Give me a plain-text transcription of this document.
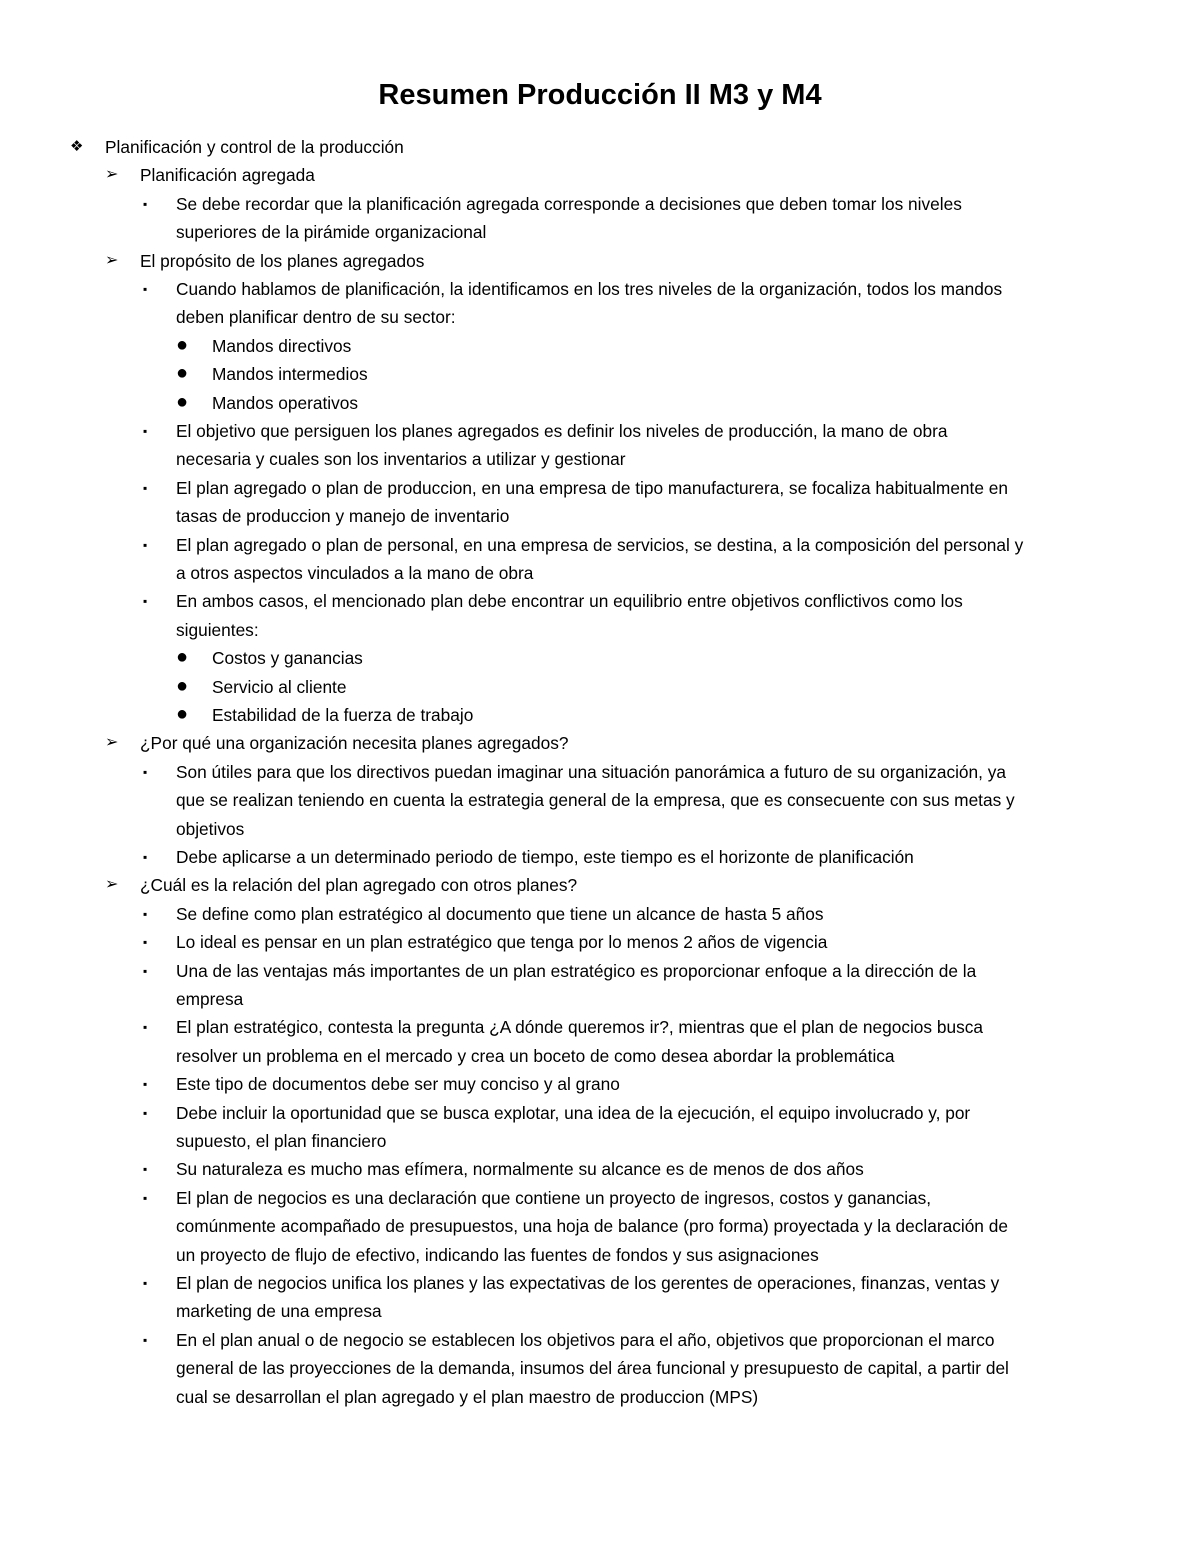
Resumen Producción II M3 y M4
❖ Planificación y control de la producción
➢ Planificación agregada
▪ Se debe recordar que la planificación agregada corresponde a decisiones que deben tomar los niveles
superiores de la pirámide organizacional
➢ El propósito de los planes agregados
▪ Cuando hablamos de planificación, la identificamos en los tres niveles de la organización, todos los mandos
deben planificar dentro de su sector:
● Mandos directivos
● Mandos intermedios
● Mandos operativos
▪ El objetivo que persiguen los planes agregados es definir los niveles de producción, la mano de obra
necesaria y cuales son los inventarios a utilizar y gestionar
▪ El plan agregado o plan de produccion, en una empresa de tipo manufacturera, se focaliza habitualmente en
tasas de produccion y manejo de inventario
▪ El plan agregado o plan de personal, en una empresa de servicios, se destina, a la composición del personal y
a otros aspectos vinculados a la mano de obra
▪ En ambos casos, el mencionado plan debe encontrar un equilibrio entre objetivos conflictivos como los
siguientes:
● Costos y ganancias
● Servicio al cliente
● Estabilidad de la fuerza de trabajo
➢ ¿Por qué una organización necesita planes agregados?
▪ Son útiles para que los directivos puedan imaginar una situación panorámica a futuro de su organización, ya
que se realizan teniendo en cuenta la estrategia general de la empresa, que es consecuente con sus metas y
objetivos
▪ Debe aplicarse a un determinado periodo de tiempo, este tiempo es el horizonte de planificación
➢ ¿Cuál es la relación del plan agregado con otros planes?
▪ Se define como plan estratégico al documento que tiene un alcance de hasta 5 años
▪ Lo ideal es pensar en un plan estratégico que tenga por lo menos 2 años de vigencia
▪ Una de las ventajas más importantes de un plan estratégico es proporcionar enfoque a la dirección de la
empresa
▪ El plan estratégico, contesta la pregunta ¿A dónde queremos ir?, mientras que el plan de negocios busca
resolver un problema en el mercado y crea un boceto de como desea abordar la problemática
▪ Este tipo de documentos debe ser muy conciso y al grano
▪ Debe incluir la oportunidad que se busca explotar, una idea de la ejecución, el equipo involucrado y, por
supuesto, el plan financiero
▪ Su naturaleza es mucho mas efímera, normalmente su alcance es de menos de dos años
▪ El plan de negocios es una declaración que contiene un proyecto de ingresos, costos y ganancias,
comúnmente acompañado de presupuestos, una hoja de balance (pro forma) proyectada y la declaración de
un proyecto de flujo de efectivo, indicando las fuentes de fondos y sus asignaciones
▪ El plan de negocios unifica los planes y las expectativas de los gerentes de operaciones, finanzas, ventas y
marketing de una empresa
▪ En el plan anual o de negocio se establecen los objetivos para el año, objetivos que proporcionan el marco
general de las proyecciones de la demanda, insumos del área funcional y presupuesto de capital, a partir del
cual se desarrollan el plan agregado y el plan maestro de produccion (MPS)
